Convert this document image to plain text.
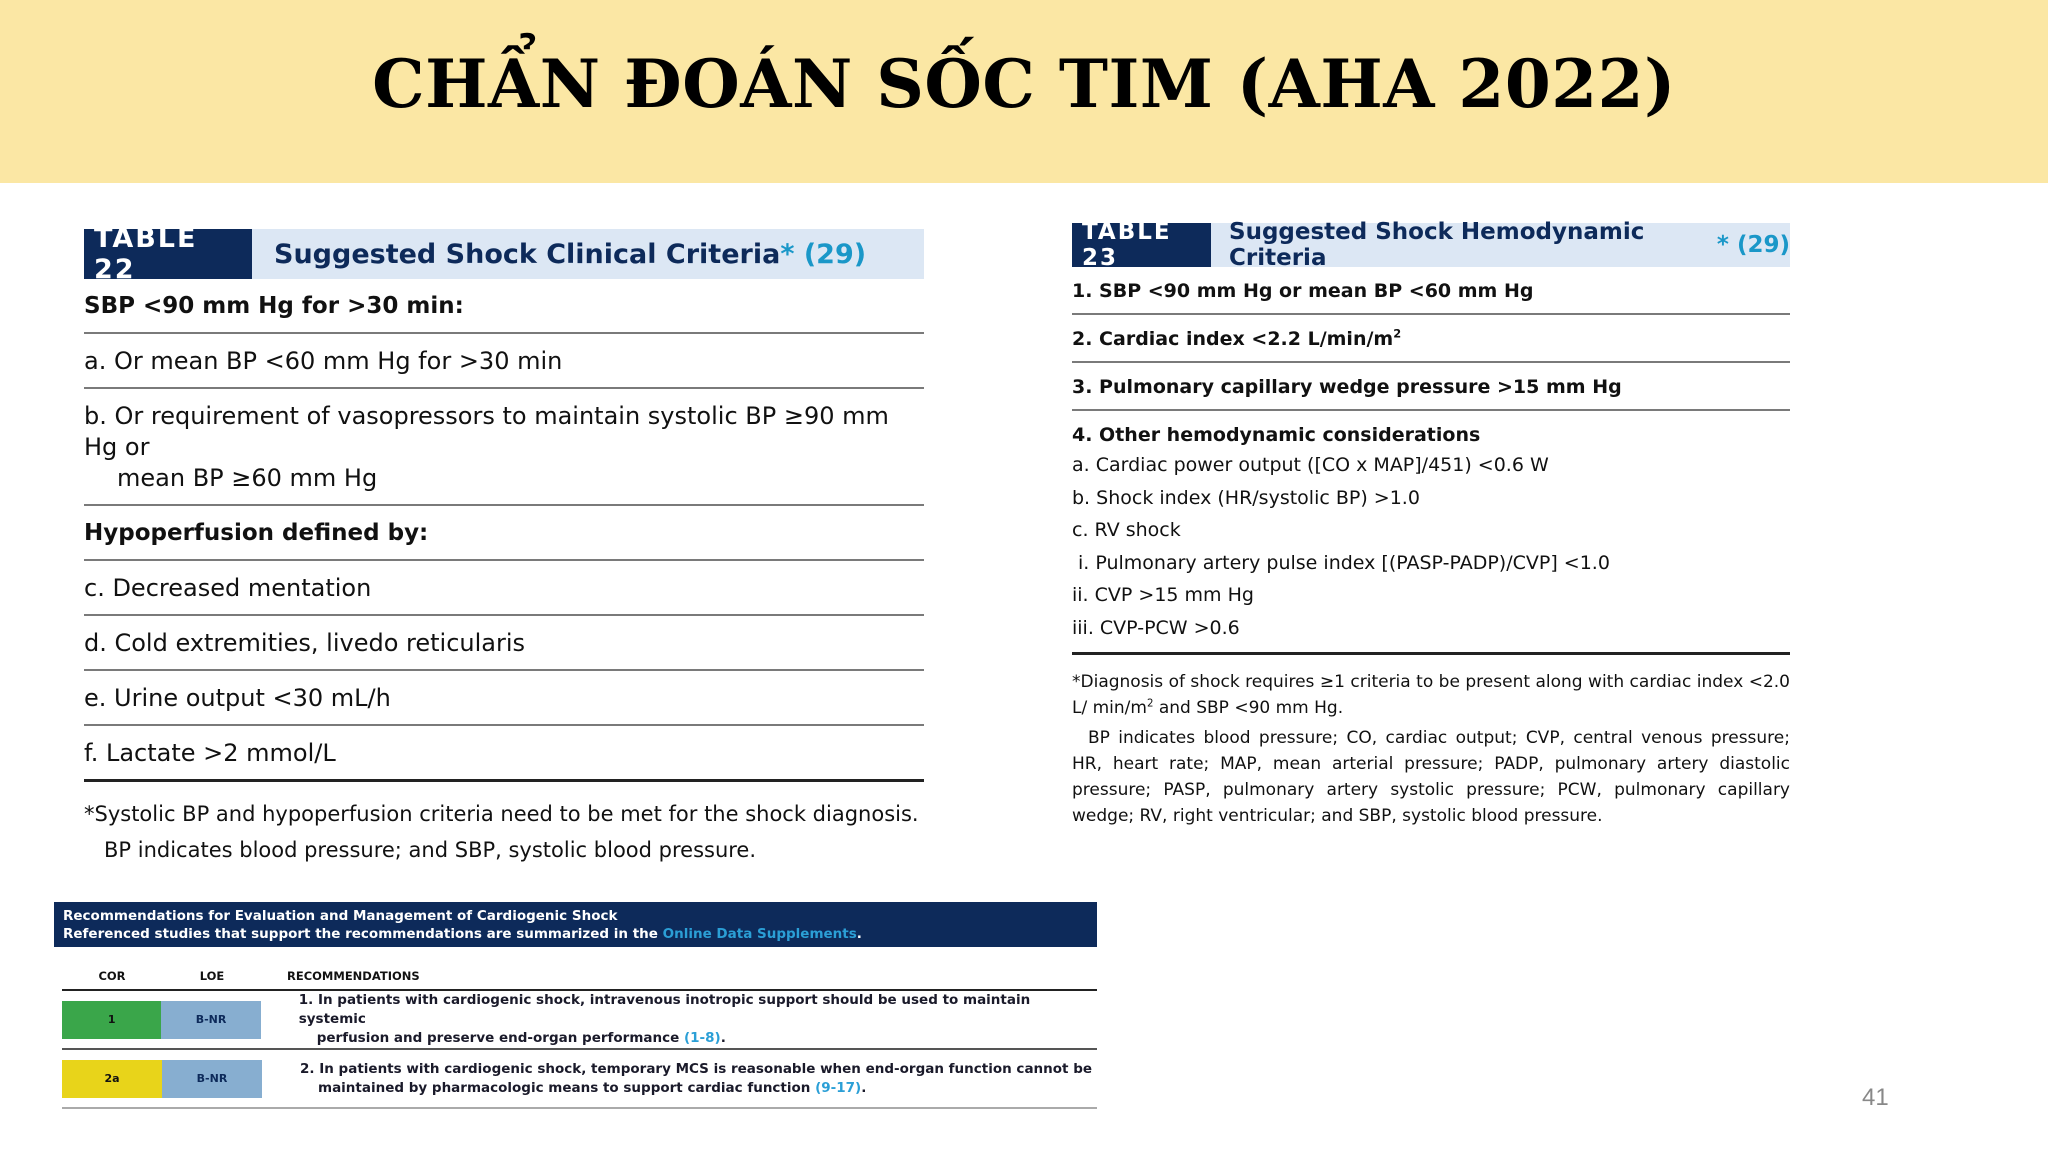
CHẨN ĐOÁN SỐC TIM (AHA 2022)
TABLE 22	Suggested Shock Clinical Criteria *
(29)
SBP <90 mm Hg for >30 min:
a. Or mean BP <60 mm Hg for >30 min
b. Or requirement of vasopressors to maintain systolic BP ≥90 mm Hg or
mean BP ≥60 mm Hg
Hypoperfusion defined by:
c. Decreased mentation
d. Cold extremities, livedo reticularis
e. Urine output <30 mL/h
f. Lactate >2 mmol/L
*Systolic BP and hypoperfusion criteria need to be met for the shock diagnosis.
BP indicates blood pressure; and SBP, systolic blood pressure.
TABLE 23
Suggested Shock Hemodynamic Criteria	*
(29)
1. SBP <90 mm Hg or mean BP <60 mm Hg
2. Cardiac index <2.2 $L/\min/m^2$
3. Pulmonary capillary wedge pressure >15 mm Hg
4. Other hemodynamic considerations
a. Cardiac power output ([CO x MAP]/451) <0.6 W
b. Shock index (HR/systolic BP) >1.0
c. RV shock
i. Pulmonary artery pulse index [(PASP-PADP)/CVP] <1.0
ii. CVP >15 mm Hg
iii. CVP-PCW >0.6
*Diagnosis of shock requires ≥1 criteria to be present along with cardiac index <2.0 L/ $\min/m^2$ and SBP <90 mm Hg.
BP indicates blood pressure; CO, cardiac output; CVP, central venous pressure; HR, heart rate; MAP, mean arterial pressure; PADP, pulmonary artery diastolic pressure; PASP, pulmonary artery systolic pressure; PCW, pulmonary capillary wedge; RV, right ventricular; and SBP, systolic blood pressure.
Recommendations for Evaluation and Management of Cardiogenic Shock
Referenced studies that support the recommendations are summarized in the Online Data Supplements.
COR	LOE	RECOMMENDATIONS
1	B-NR
1. In patients with cardiogenic shock, intravenous inotropic support should be used to maintain systemic
perfusion and preserve end-organ performance (1-8).
2a	B-NR
2. In patients with cardiogenic shock, temporary MCS is reasonable when end-organ function cannot be
maintained by pharmacologic means to support cardiac function (9-17).	41
